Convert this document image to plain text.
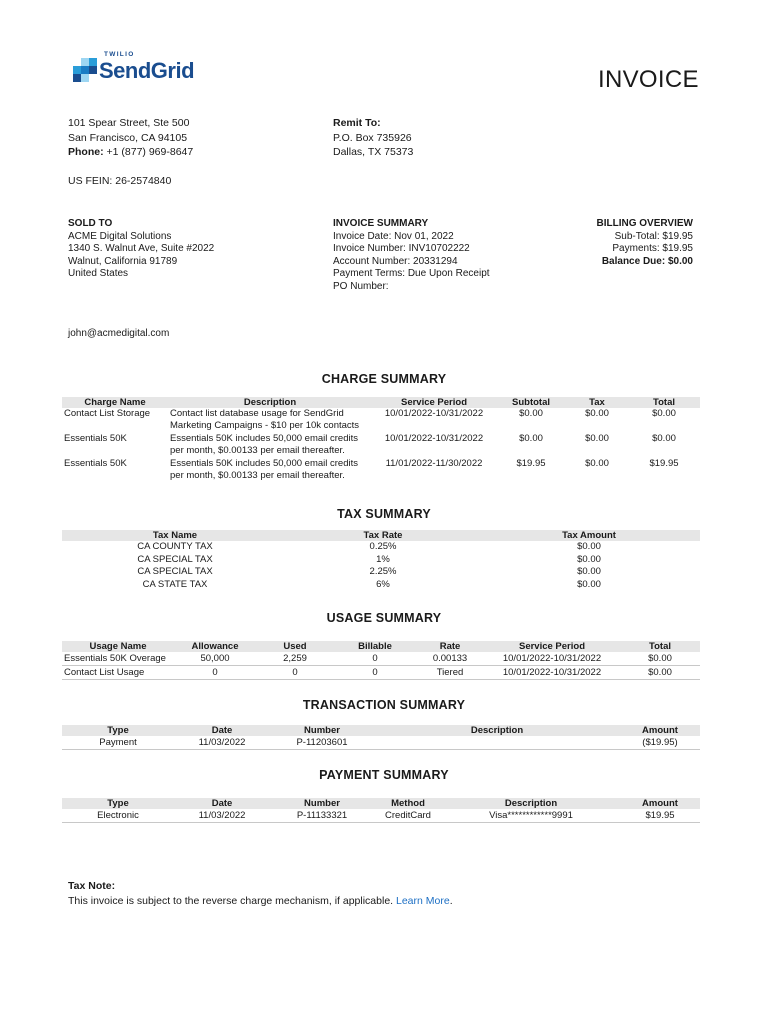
TWILIO
SendGrid	INVOICE
101 Spear Street, Ste 500
San Francisco, CA 94105
Phone: +1 (877) 969-8647
US FEIN: 26-2574840
Remit To:
P.O. Box 735926
Dallas, TX 75373
SOLD TO
ACME Digital Solutions
1340 S. Walnut Ave, Suite #2022
Walnut, California 91789
United States
john@acmedigital.com
INVOICE SUMMARY
Invoice Date: Nov 01, 2022
Invoice Number: INV10702222
Account Number: 20331294
Payment Terms: Due Upon Receipt
PO Number:
BILLING OVERVIEW
Sub-Total: $19.95
Payments: $19.95
Balance Due: $0.00
CHARGE SUMMARY
Charge Name	Description	Service Period	Subtotal	Tax	Total
Contact List Storage	Contact list database usage for SendGrid Marketing Campaigns - $10 per 10k contacts	10/01/2022-10/31/2022	$0.00	$0.00	$0.00
Essentials 50K	Essentials 50K includes 50,000 email credits per month, $0.00133 per email thereafter.	10/01/2022-10/31/2022	$0.00	$0.00	$0.00
Essentials 50K	Essentials 50K includes 50,000 email credits per month, $0.00133 per email thereafter.	11/01/2022-11/30/2022	$19.95	$0.00	$19.95
TAX SUMMARY
Tax Name	Tax Rate	Tax Amount
CA COUNTY TAX	0.25%	$0.00
CA SPECIAL TAX	1%	$0.00
CA SPECIAL TAX	2.25%	$0.00
CA STATE TAX	6%	$0.00
USAGE SUMMARY
Usage Name	Allowance	Used	Billable	Rate	Service Period	Total
Essentials 50K Overage	50,000	2,259	0	0.00133	10/01/2022-10/31/2022	$0.00
Contact List Usage	0	0	0	Tiered	10/01/2022-10/31/2022	$0.00
TRANSACTION SUMMARY
Type	Date	Number	Description	Amount
Payment	11/03/2022	P-11203601		($19.95)
PAYMENT SUMMARY
Type	Date	Number	Method	Description	Amount
Electronic	11/03/2022	P-11133321	CreditCard	Visa************9991	$19.95
Tax Note:
This invoice is subject to the reverse charge mechanism, if applicable. Learn More.
